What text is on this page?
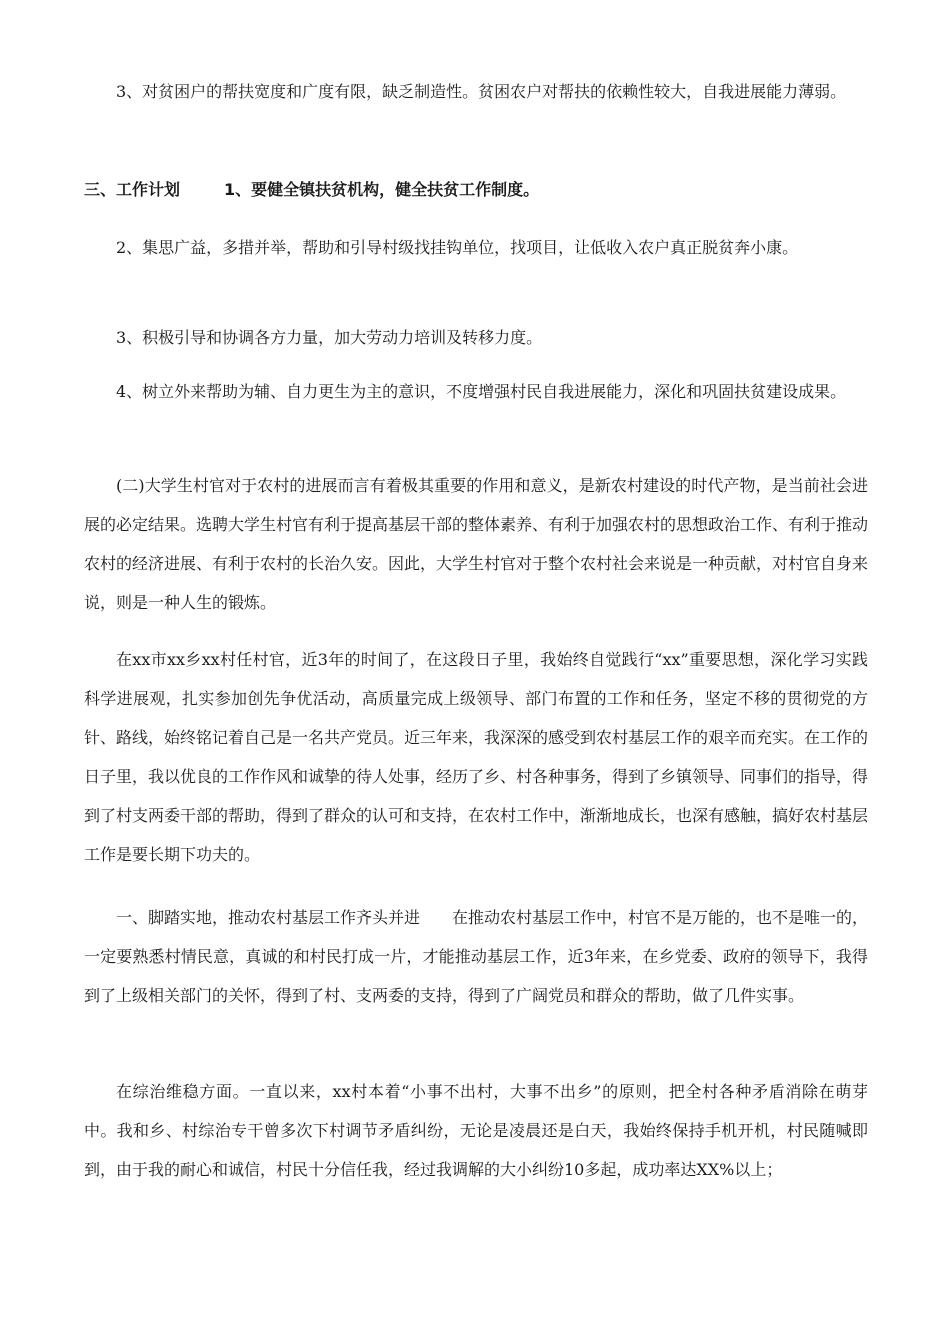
3、对贫困户的帮扶宽度和广度有限，缺乏制造性。贫困农户对帮扶的依赖性较大，自我进展能力薄弱。

三、工作计划	1、要健全镇扶贫机构，健全扶贫工作制度。

2、集思广益，多措并举，帮助和引导村级找挂钩单位，找项目，让低收入农户真正脱贫奔小康。

3、积极引导和协调各方力量，加大劳动力培训及转移力度。

4、树立外来帮助为辅、自力更生为主的意识，不度增强村民自我进展能力，深化和巩固扶贫建设成果。

(二)大学生村官对于农村的进展而言有着极其重要的作用和意义，是新农村建设的时代产物，是当前社会进展的必定结果。选聘大学生村官有利于提高基层干部的整体素养、有利于加强农村的思想政治工作、有利于推动农村的经济进展、有利于农村的长治久安。因此，大学生村官对于整个农村社会来说是一种贡献，对村官自身来说，则是一种人生的锻炼。

在xx市xx乡xx村任村官，近3年的时间了，在这段日子里，我始终自觉践行“xx”重要思想，深化学习实践科学进展观，扎实参加创先争优活动，高质量完成上级领导、部门布置的工作和任务，坚定不移的贯彻党的方针、路线，始终铭记着自己是一名共产党员。近三年来，我深深的感受到农村基层工作的艰辛而充实。在工作的日子里，我以优良的工作作风和诚挚的待人处事，经历了乡、村各种事务，得到了乡镇领导、同事们的指导，得到了村支两委干部的帮助，得到了群众的认可和支持，在农村工作中，渐渐地成长，也深有感触，搞好农村基层工作是要长期下功夫的。

一、脚踏实地，推动农村基层工作齐头并进　　在推动农村基层工作中，村官不是万能的，也不是唯一的，一定要熟悉村情民意，真诚的和村民打成一片，才能推动基层工作，近3年来，在乡党委、政府的领导下，我得到了上级相关部门的关怀，得到了村、支两委的支持，得到了广阔党员和群众的帮助，做了几件实事。

在综治维稳方面。一直以来，xx村本着“小事不出村，大事不出乡”的原则，把全村各种矛盾消除在萌芽中。我和乡、村综治专干曾多次下村调节矛盾纠纷，无论是凌晨还是白天，我始终保持手机开机，村民随喊即到，由于我的耐心和诚信，村民十分信任我，经过我调解的大小纠纷10多起，成功率达XX%以上；
